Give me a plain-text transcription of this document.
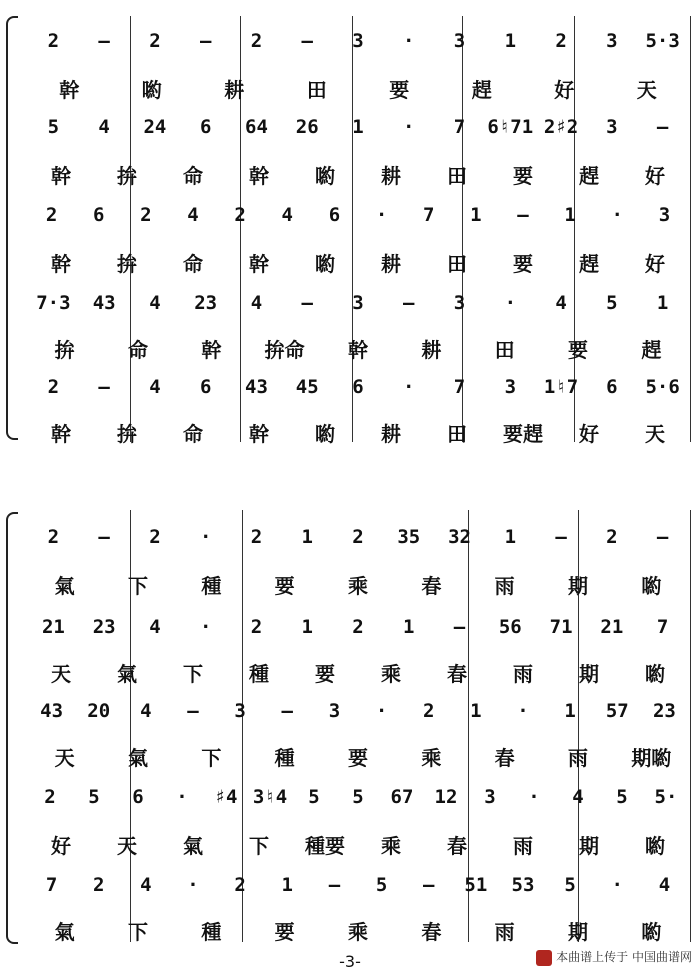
2	—	2	—	2	—	3	·	3	1	2	3	5·3
幹	喲	耕	田	要	趕	好	天
5	4	24	6	64	26	1	·	7	6♮71 2♯2	3	—
幹	拚	命	幹	喲	耕	田	要	趕	好
2	6	2	4	2	4	6	·	7	1	—	1	·	3
幹	拚	命	幹	喲	耕	田	要	趕	好
7·3	43	4	23	4	—	3	—	3	·	4	5	1
拚	命	幹	拚命	幹	耕	田	要	趕
2	—	4	6	43	45	6	·	7	3	1♮7	6	5·6
幹	拚	命	幹	喲	耕	田	要趕	好	天
2	—	2	·	2	1	2	35	32	1	—	2	—
氣	下	種	要	乘	春	雨	期	喲
21	23	4	·	2	1	2	1	—	56	71	21	7
天	氣	下	種	要	乘	春	雨	期	喲
43	20	4	—	3	—	3	·	2	1	·	1	57	23
天	氣	下	種	要	乘	春	雨	期喲
2	5	6	·	♯4 3♮4	5	5	67	12	3	·	4	5	5·
好	天	氣	下	種要	乘	春	雨	期	喲
7	2	4	·	2	1	—	5	—	51	53	5	·	4
氣	下	種	要	乘	春	雨	期	喲
-3-	本曲谱上传于 中国曲谱网
